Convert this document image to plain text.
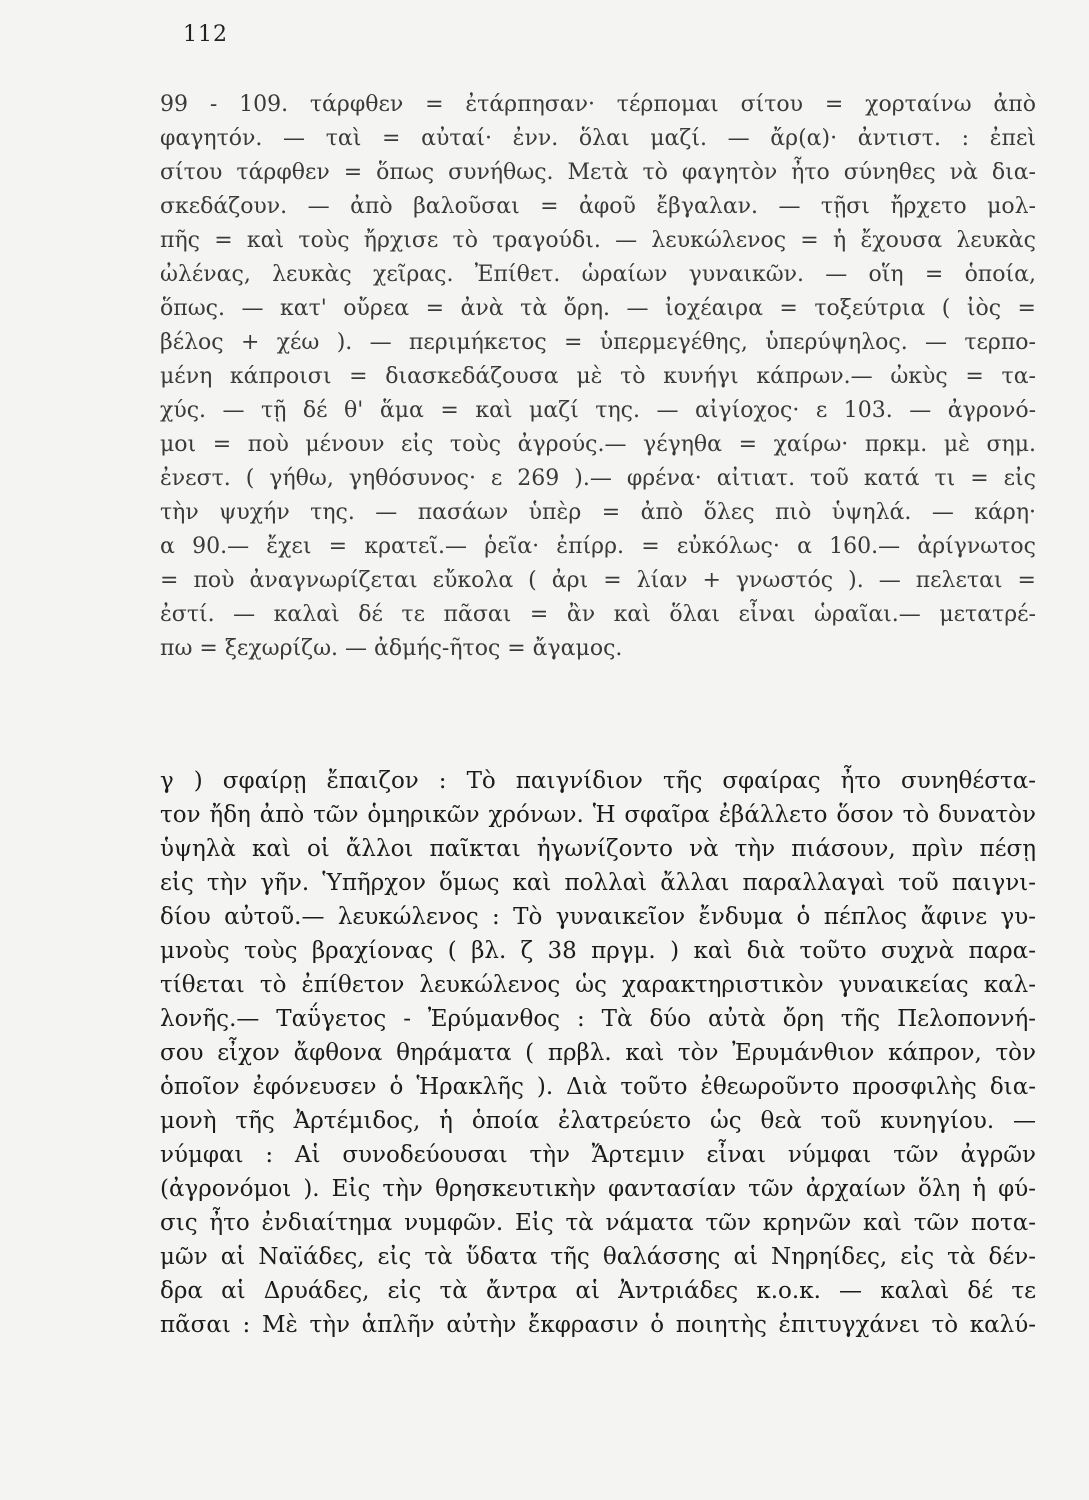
112
99 - 109. τάρφθεν = ἐτάρπησαν· τέρπομαι σίτου = χορταίνω ἀπὸ
φαγητόν. — ταὶ = αὐταί· ἐνν. ὅλαι μαζί. — ἄρ(α)· ἀντιστ. : ἐπεὶ
σίτου τάρφθεν = ὅπως συνήθως. Μετὰ τὸ φαγητὸν ἦτο σύνηθες νὰ δια-
σκεδάζουν. — ἀπὸ βαλοῦσαι = ἀφοῦ ἔβγαλαν. — τῇσι ἤρχετο μολ-
πῆς = καὶ τοὺς ἤρχισε τὸ τραγούδι. — λευκώλενος = ἡ ἔχουσα λευκὰς
ὠλένας, λευκὰς χεῖρας. Ἐπίθετ. ὡραίων γυναικῶν. — οἵη = ὁποία,
ὅπως. — κατ' οὔρεα = ἀνὰ τὰ ὄρη. — ἰοχέαιρα = τοξεύτρια ( ἰὸς =
βέλος + χέω ). — περιμήκετος = ὑπερμεγέθης, ὑπερύψηλος. — τερπο-
μένη κάπροισι = διασκεδάζουσα μὲ τὸ κυνήγι κάπρων.— ὠκὺς = τα-
χύς. — τῇ δέ θ' ἅμα = καὶ μαζί της. — αἰγίοχος· ε 103. — ἀγρονό-
μοι = ποὺ μένουν εἰς τοὺς ἀγρούς.— γέγηθα = χαίρω· πρκμ. μὲ σημ.
ἐνεστ. ( γήθω, γηθόσυνος· ε 269 ).— φρένα· αἰτιατ. τοῦ κατά τι = εἰς
τὴν ψυχήν της. — πασάων ὑπὲρ = ἀπὸ ὅλες πιὸ ὑψηλά. — κάρη·
α 90.— ἔχει = κρατεῖ.— ῥεῖα· ἐπίρρ. = εὐκόλως· α 160.— ἀρίγνωτος
= ποὺ ἀναγνωρίζεται εὔκολα ( ἀρι = λίαν + γνωστός ). — πελεται =
ἐστί. — καλαὶ δέ τε πᾶσαι = ἂν καὶ ὅλαι εἶναι ὡραῖαι.— μετατρέ-
πω = ξεχωρίζω. — ἀδμής-ῆτος = ἄγαμος.
γ ) σφαίρῃ ἔπαιζον : Τὸ παιγνίδιον τῆς σφαίρας ἦτο συνηθέστα-
τον ἤδη ἀπὸ τῶν ὁμηρικῶν χρόνων. Ἡ σφαῖρα ἐβάλλετο ὅσον τὸ δυνατὸν
ὑψηλὰ καὶ οἱ ἄλλοι παῖκται ἠγωνίζοντο νὰ τὴν πιάσουν, πρὶν πέσῃ
εἰς τὴν γῆν. Ὑπῆρχον ὅμως καὶ πολλαὶ ἄλλαι παραλλαγαὶ τοῦ παιγνι-
δίου αὐτοῦ.— λευκώλενος : Τὸ γυναικεῖον ἔνδυμα ὁ πέπλος ἄφινε γυ-
μνοὺς τοὺς βραχίονας ( βλ. ζ 38 πργμ. ) καὶ διὰ τοῦτο συχνὰ παρα-
τίθεται τὸ ἐπίθετον λευκώλενος ὡς χαρακτηριστικὸν γυναικείας καλ-
λονῆς.— Ταΰγετος - Ἐρύμανθος : Τὰ δύο αὐτὰ ὄρη τῆς Πελοποννή-
σου εἶχον ἄφθονα θηράματα ( πρβλ. καὶ τὸν Ἐρυμάνθιον κάπρον, τὸν
ὁποῖον ἐφόνευσεν ὁ Ἡρακλῆς ). Διὰ τοῦτο ἐθεωροῦντο προσφιλὴς δια-
μονὴ τῆς Ἀρτέμιδος, ἡ ὁποία ἐλατρεύετο ὡς θεὰ τοῦ κυνηγίου. —
νύμφαι : Αἱ συνοδεύουσαι τὴν Ἄρτεμιν εἶναι νύμφαι τῶν ἀγρῶν
(ἀγρονόμοι ). Εἰς τὴν θρησκευτικὴν φαντασίαν τῶν ἀρχαίων ὅλη ἡ φύ-
σις ἦτο ἐνδιαίτημα νυμφῶν. Εἰς τὰ νάματα τῶν κρηνῶν καὶ τῶν ποτα-
μῶν αἱ Ναϊάδες, εἰς τὰ ὕδατα τῆς θαλάσσης αἱ Νηρηίδες, εἰς τὰ δέν-
δρα αἱ Δρυάδες, εἰς τὰ ἄντρα αἱ Ἀντριάδες κ.ο.κ. — καλαὶ δέ τε
πᾶσαι : Μὲ τὴν ἁπλῆν αὐτὴν ἔκφρασιν ὁ ποιητὴς ἐπιτυγχάνει τὸ καλύ-
